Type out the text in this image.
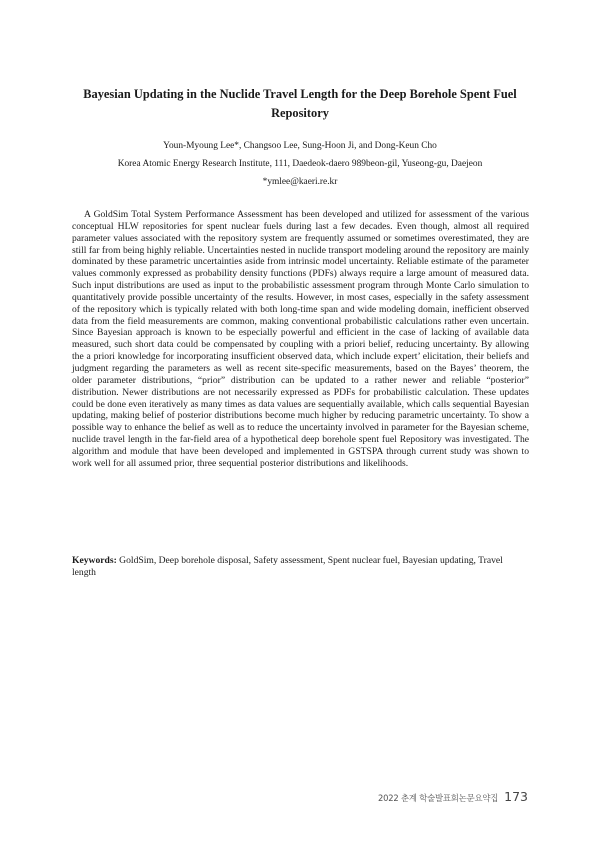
Bayesian Updating in the Nuclide Travel Length for the Deep Borehole Spent Fuel Repository

Youn-Myoung Lee*, Changsoo Lee, Sung-Hoon Ji, and Dong-Keun Cho

Korea Atomic Energy Research Institute, 111, Daedeok-daero 989beon-gil, Yuseong-gu, Daejeon

*ymlee@kaeri.re.kr

A GoldSim Total System Performance Assessment has been developed and utilized for assessment of the various conceptual HLW repositories for spent nuclear fuels during last a few decades. Even though, almost all required parameter values associated with the repository system are frequently assumed or sometimes overestimated, they are still far from being highly reliable. Uncertainties nested in nuclide transport modeling around the repository are mainly dominated by these parametric uncertainties aside from intrinsic model uncertainty. Reliable estimate of the parameter values commonly expressed as probability density functions (PDFs) always require a large amount of measured data. Such input distributions are used as input to the probabilistic assessment program through Monte Carlo simulation to quantitatively provide possible uncertainty of the results. However, in most cases, especially in the safety assessment of the repository which is typically related with both long-time span and wide modeling domain, inefficient observed data from the field measurements are common, making conventional probabilistic calculations rather even uncertain. Since Bayesian approach is known to be especially powerful and efficient in the case of lacking of available data measured, such short data could be compensated by coupling with a priori belief, reducing uncertainty. By allowing the a priori knowledge for incorporating insufficient observed data, which include expert’ elicitation, their beliefs and judgment regarding the parameters as well as recent site-specific measurements, based on the Bayes’ theorem, the older parameter distributions, “prior” distribution can be updated to a rather newer and reliable “posterior” distribution. Newer distributions are not necessarily expressed as PDFs for probabilistic calculation. These updates could be done even iteratively as many times as data values are sequentially available, which calls sequential Bayesian updating, making belief of posterior distributions become much higher by reducing parametric uncertainty. To show a possible way to enhance the belief as well as to reduce the uncertainty involved in parameter for the Bayesian scheme, nuclide travel length in the far-field area of a hypothetical deep borehole spent fuel Repository was investigated. The algorithm and module that have been developed and implemented in GSTSPA through current study was shown to work well for all assumed prior, three sequential posterior distributions and likelihoods.

Keywords: GoldSim, Deep borehole disposal, Safety assessment, Spent nuclear fuel, Bayesian updating, Travel length

2022 춘계 학술발표회논문요약집 173
